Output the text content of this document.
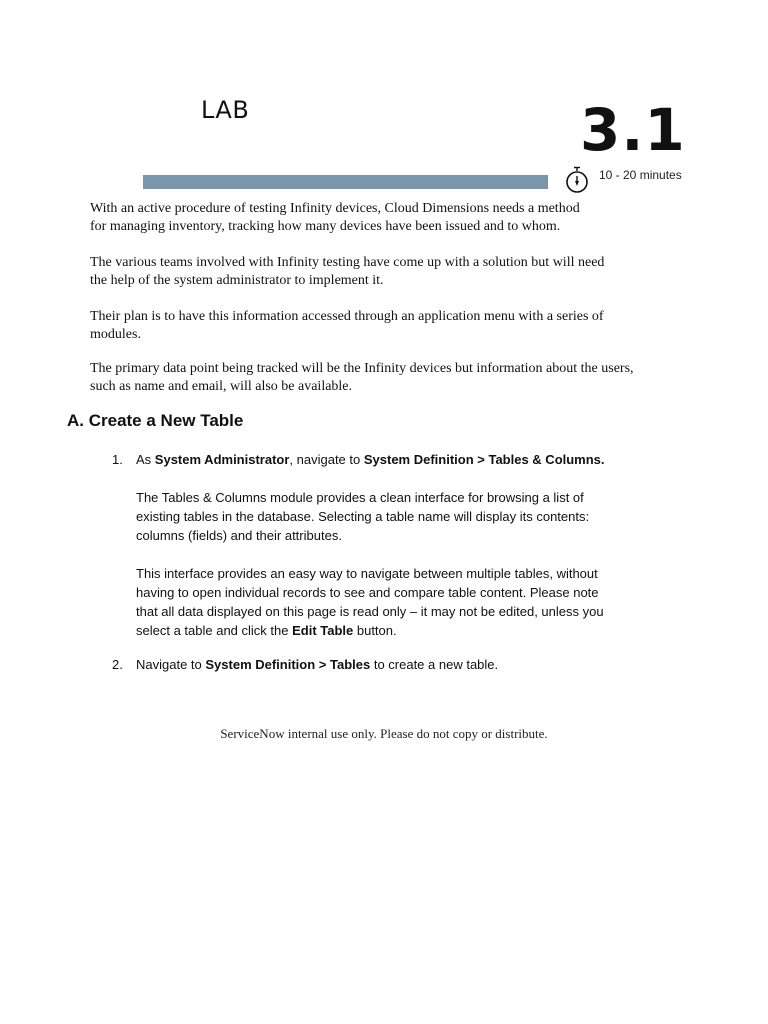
LAB	3.1
10 - 20 minutes

With an active procedure of testing Infinity devices, Cloud Dimensions needs a method
for managing inventory, tracking how many devices have been issued and to whom.

The various teams involved with Infinity testing have come up with a solution but will need
the help of the system administrator to implement it.

Their plan is to have this information accessed through an application menu with a series of
modules.

The primary data point being tracked will be the Infinity devices but information about the users,
such as name and email, will also be available.

A. Create a New Table
1. As System Administrator, navigate to System Definition > Tables & Columns.

The Tables & Columns module provides a clean interface for browsing a list of
existing tables in the database. Selecting a table name will display its contents:
columns (fields) and their attributes.

This interface provides an easy way to navigate between multiple tables, without
having to open individual records to see and compare table content. Please note
that all data displayed on this page is read only – it may not be edited, unless you
select a table and click the Edit Table button.

2. Navigate to System Definition > Tables to create a new table.

ServiceNow internal use only. Please do not copy or distribute.
